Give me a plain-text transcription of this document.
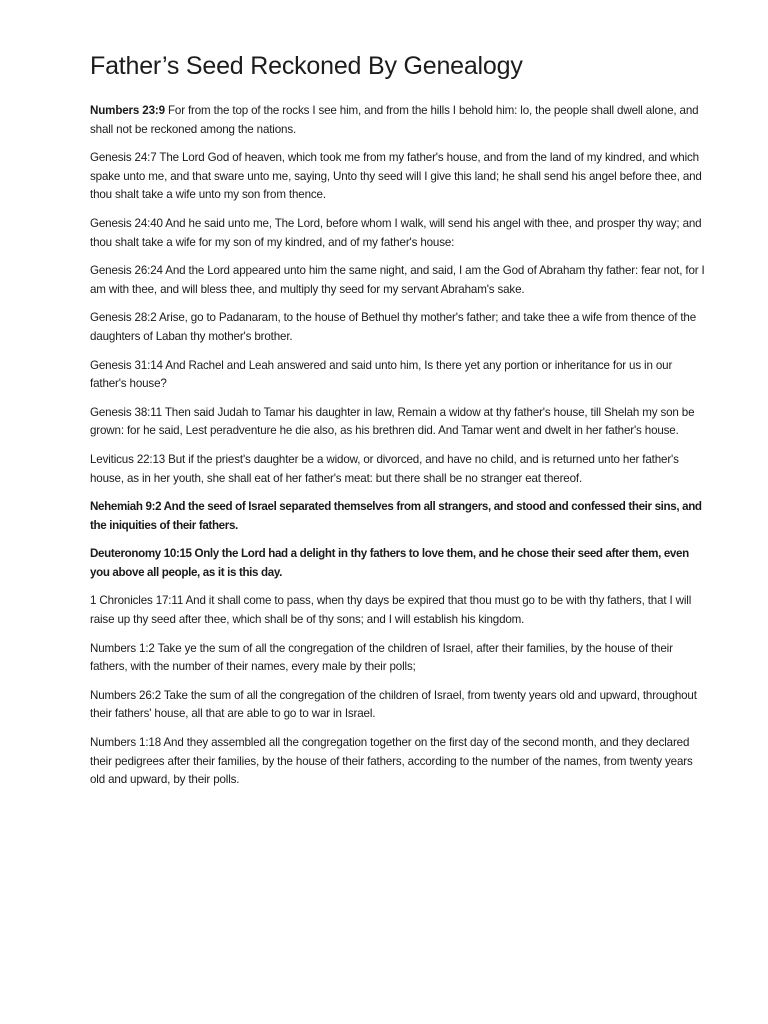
Father’s Seed Reckoned By Genealogy

Numbers 23:9 For from the top of the rocks I see him, and from the hills I behold him: lo, the people shall dwell alone, and shall not be reckoned among the nations.

Genesis 24:7 The Lord God of heaven, which took me from my father's house, and from the land of my kindred, and which spake unto me, and that sware unto me, saying, Unto thy seed will I give this land; he shall send his angel before thee, and thou shalt take a wife unto my son from thence.

Genesis 24:40 And he said unto me, The Lord, before whom I walk, will send his angel with thee, and prosper thy way; and thou shalt take a wife for my son of my kindred, and of my father's house:

Genesis 26:24 And the Lord appeared unto him the same night, and said, I am the God of Abraham thy father: fear not, for I am with thee, and will bless thee, and multiply thy seed for my servant Abraham's sake.

Genesis 28:2 Arise, go to Padanaram, to the house of Bethuel thy mother's father; and take thee a wife from thence of the daughters of Laban thy mother's brother.

Genesis 31:14 And Rachel and Leah answered and said unto him, Is there yet any portion or inheritance for us in our father's house?

Genesis 38:11 Then said Judah to Tamar his daughter in law, Remain a widow at thy father's house, till Shelah my son be grown: for he said, Lest peradventure he die also, as his brethren did. And Tamar went and dwelt in her father's house.

Leviticus 22:13 But if the priest's daughter be a widow, or divorced, and have no child, and is returned unto her father's house, as in her youth, she shall eat of her father's meat: but there shall be no stranger eat thereof.

Nehemiah 9:2 And the seed of Israel separated themselves from all strangers, and stood and confessed their sins, and the iniquities of their fathers.

Deuteronomy 10:15 Only the Lord had a delight in thy fathers to love them, and he chose their seed after them, even you above all people, as it is this day.

1 Chronicles 17:11 And it shall come to pass, when thy days be expired that thou must go to be with thy fathers, that I will raise up thy seed after thee, which shall be of thy sons; and I will establish his kingdom.

Numbers 1:2 Take ye the sum of all the congregation of the children of Israel, after their families, by the house of their fathers, with the number of their names, every male by their polls;

Numbers 26:2 Take the sum of all the congregation of the children of Israel, from twenty years old and upward, throughout their fathers' house, all that are able to go to war in Israel.

Numbers 1:18 And they assembled all the congregation together on the first day of the second month, and they declared their pedigrees after their families, by the house of their fathers, according to the number of the names, from twenty years old and upward, by their polls.
